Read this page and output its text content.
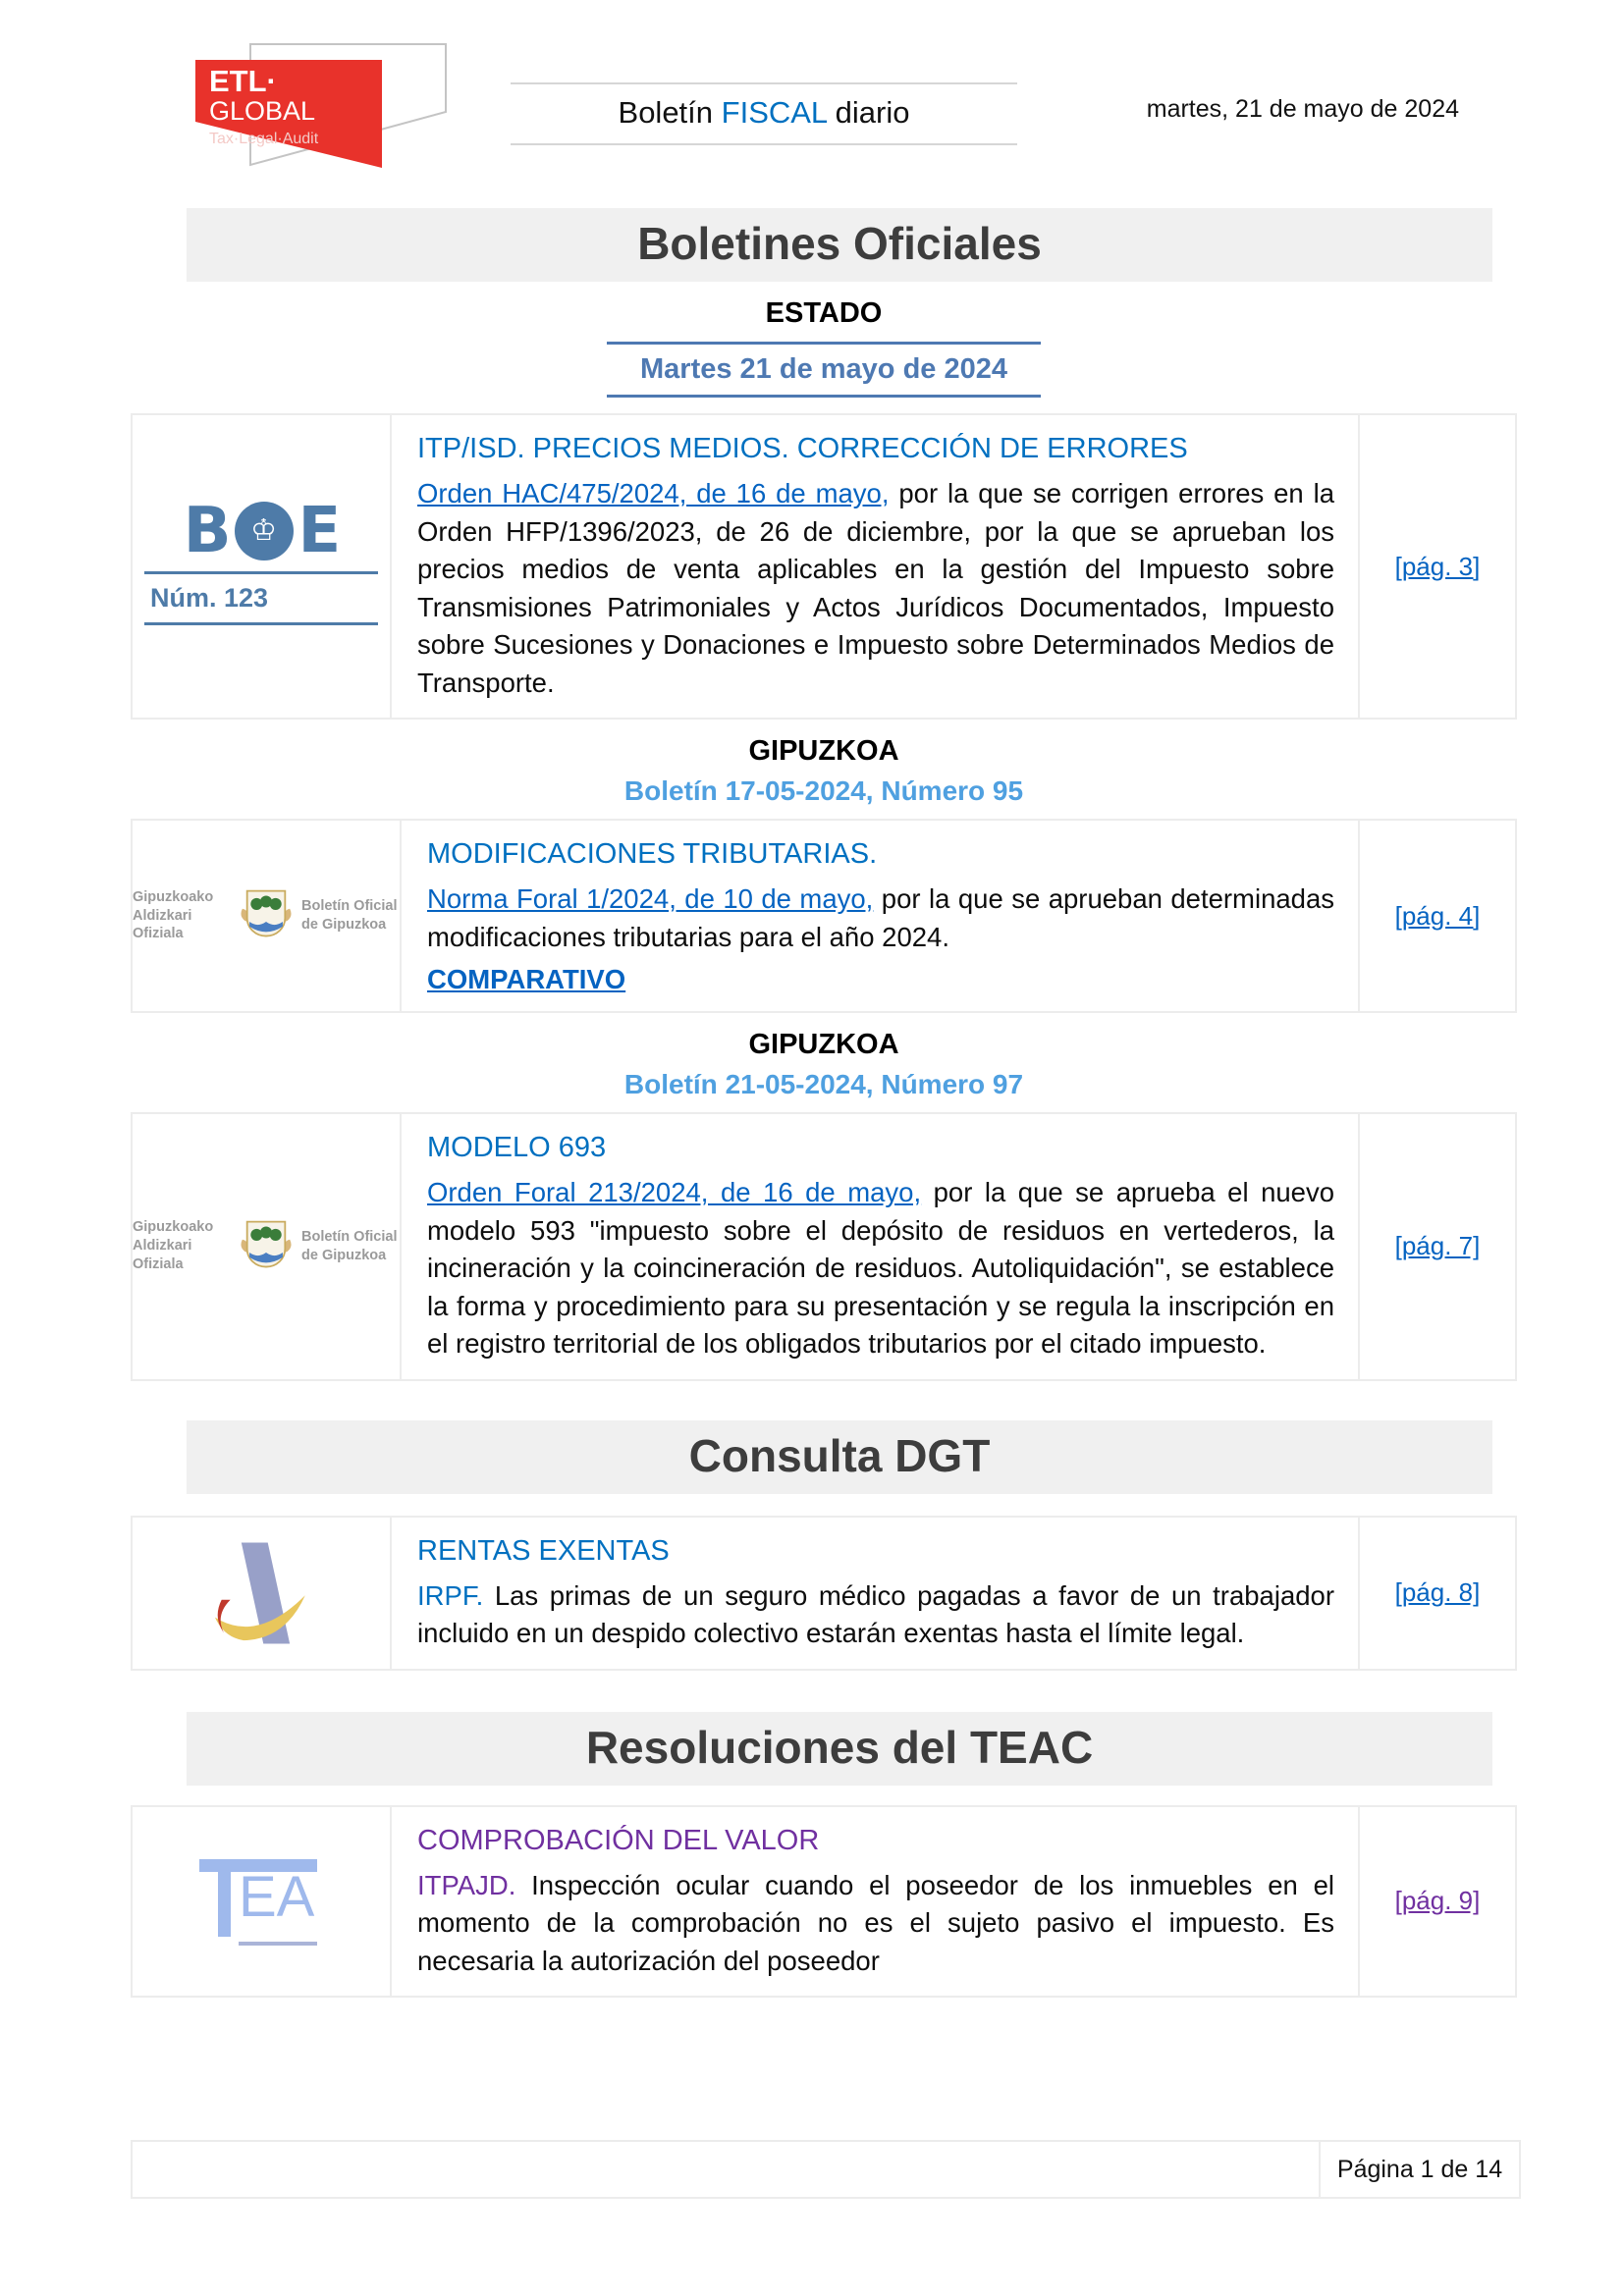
ETL·
GLOBAL
Tax·Legal·Audit
Boletín FISCAL diario	martes, 21 de mayo de 2024
Boletines Oficiales
ESTADO
Martes 21 de mayo de 2024
B ♔ E
Núm. 123
ITP/ISD. PRECIOS MEDIOS. CORRECCIÓN DE ERRORES

Orden HAC/475/2024, de 16 de mayo, por la que se corrigen errores en la Orden HFP/1396/2023, de 26 de diciembre, por la que se aprueban los precios medios de venta aplicables en la gestión del Impuesto sobre Transmisiones Patrimoniales y Actos Jurídicos Documentados, Impuesto sobre Sucesiones y Donaciones e Impuesto sobre Determinados Medios de Transporte.

[pág. 3]
GIPUZKOA
Boletín 17-05-2024, Número 95
Gipuzkoako Aldizkari Ofiziala
Boletín Oficial de Gipuzkoa
MODIFICACIONES TRIBUTARIAS.

Norma Foral 1/2024, de 10 de mayo, por la que se aprueban determinadas modificaciones tributarias para el año 2024.

COMPARATIVO
[pág. 4]
GIPUZKOA
Boletín 21-05-2024, Número 97
Gipuzkoako Aldizkari Ofiziala
Boletín Oficial de Gipuzkoa
MODELO 693

Orden Foral 213/2024, de 16 de mayo, por la que se aprueba el nuevo modelo 593 "impuesto sobre el depósito de residuos en vertederos, la incineración y la coincineración de residuos. Autoliquidación", se establece la forma y procedimiento para su presentación y se regula la inscripción en el registro territorial de los obligados tributarios por el citado impuesto.

[pág. 7]
Consulta DGT
RENTAS EXENTAS

IRPF. Las primas de un seguro médico pagadas a favor de un trabajador incluido en un despido colectivo estarán exentas hasta el límite legal.

[pág. 8]
Resoluciones del TEAC
EA
COMPROBACIÓN DEL VALOR

ITPAJD. Inspección ocular cuando el poseedor de los inmuebles en el momento de la comprobación no es el sujeto pasivo el impuesto. Es necesaria la autorización del poseedor

[pág. 9]
Página 1 de 14
